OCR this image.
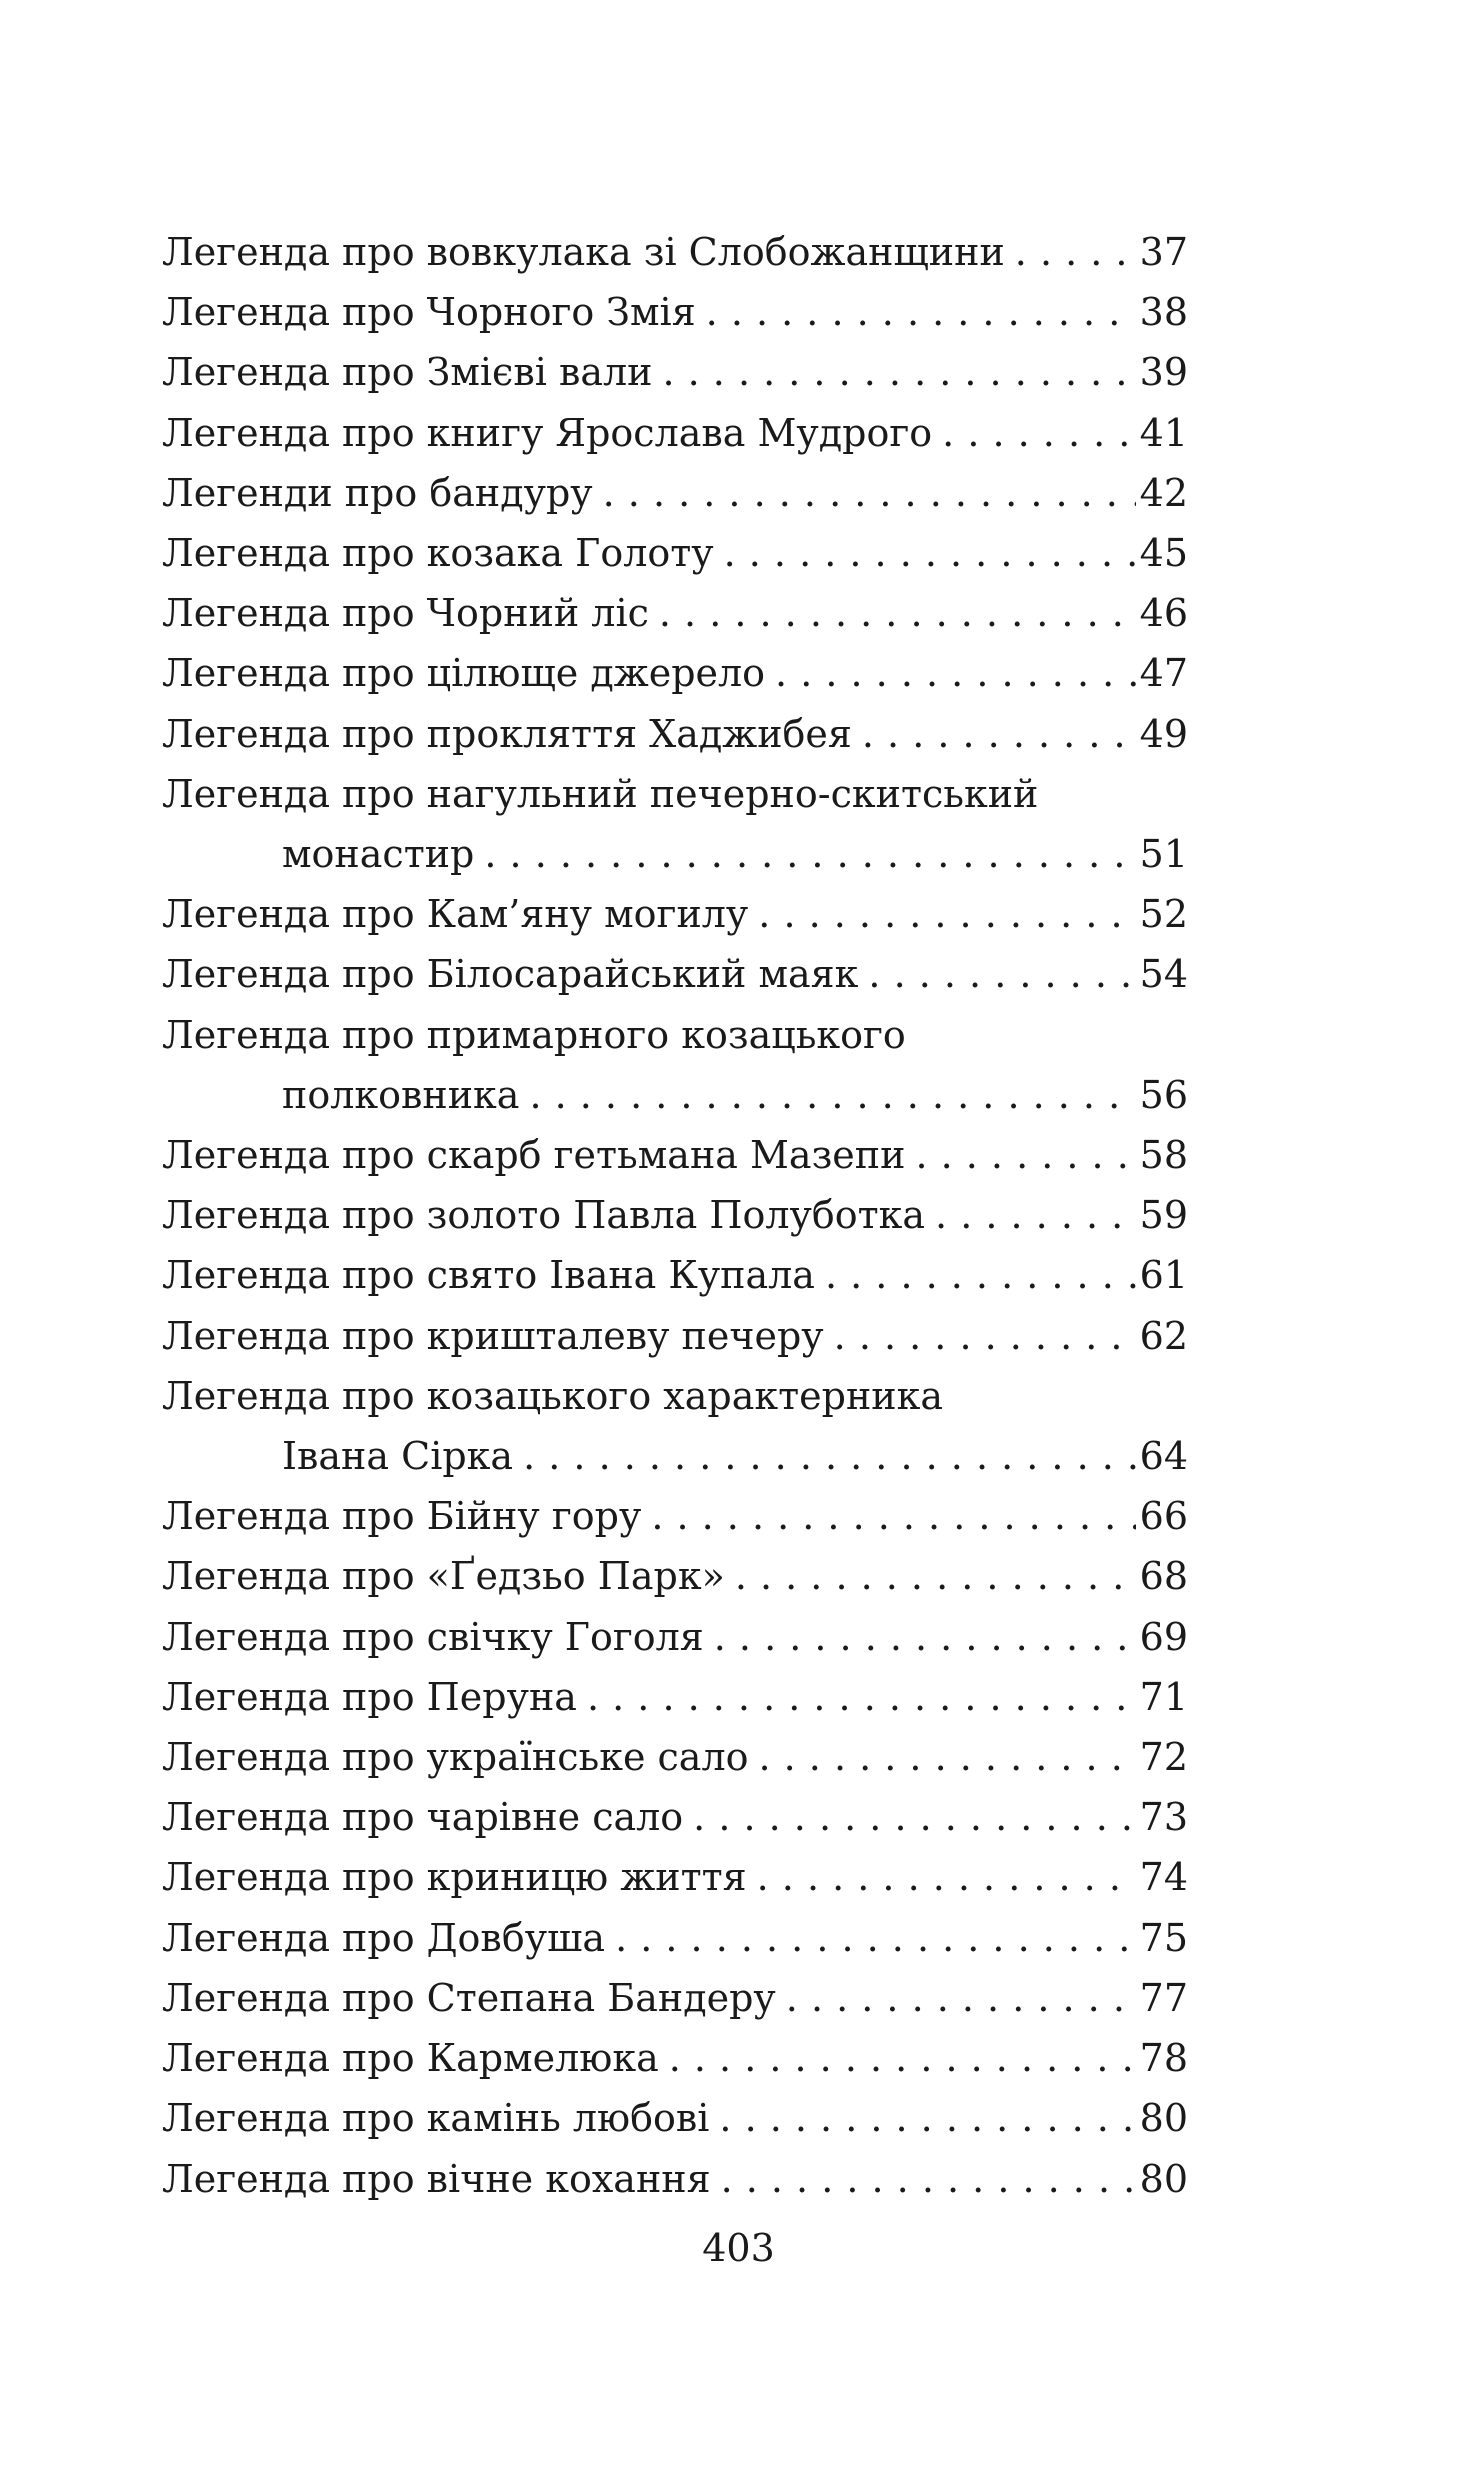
Легенда про вовкулака зі Слобожанщини . . .	37
Легенда про Чорного Змія . . .	38
Легенда про Змієві вали . . .	39
Легенда про книгу Ярослава Мудрого . . .	41
Легенди про бандуру . . .	42
Легенда про козака Голоту . . .	45
Легенда про Чорний ліс . . .	46
Легенда про цілюще джерело . . .	47
Легенда про прокляття Хаджибея . . .	49
Легенда про нагульний печерно-скитський
монастир . . .	51
Легенда про Кам’яну могилу . . .	52
Легенда про Білосарайський маяк . . .	54
Легенда про примарного козацького
полковника . . .	56
Легенда про скарб гетьмана Мазепи . . .	58
Легенда про золото Павла Полуботка . . .	59
Легенда про свято Івана Купала . . .	61
Легенда про кришталеву печеру . . .	62
Легенда про козацького характерника
Івана Сірка . . .	64
Легенда про Бійну гору . . .	66
Легенда про «Ґедзьо Парк» . . .	68
Легенда про свічку Гоголя . . .	69
Легенда про Перуна . . .	71
Легенда про українське сало . . .	72
Легенда про чарівне сало . . .	73
Легенда про криницю життя . . .	74
Легенда про Довбуша . . .	75
Легенда про Степана Бандеру . . .	77
Легенда про Кармелюка . . .	78
Легенда про камінь любові . . .	80
Легенда про вічне кохання . . .	80
403
